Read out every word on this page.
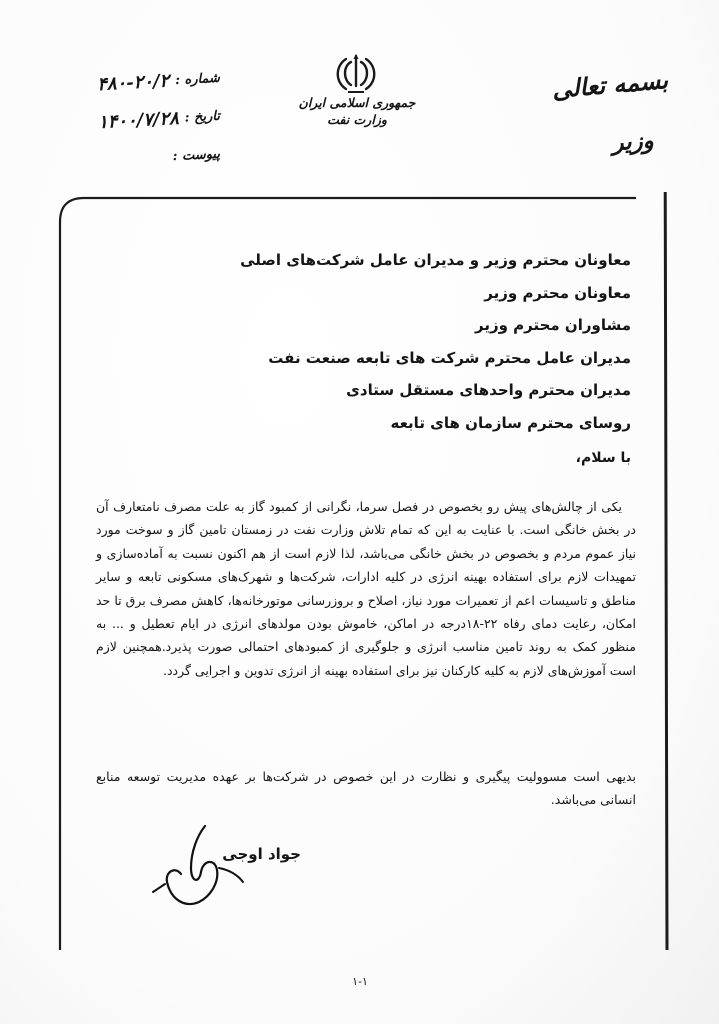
بسمه تعالی
وزیر
جمهوری اسلامی ایران
وزارت نفت
شماره :
۴۸۰-۲۰/۲
تاریخ :
۱۴۰۰/۷/۲۸
پیوست :
معاونان محترم وزیر و مدیران عامل شرکت‌های اصلی
معاونان محترم وزیر
مشاوران محترم وزیر
مدیران عامل محترم شرکت های تابعه صنعت نفت
مدیران محترم واحدهای مستقل ستادی
روسای محترم سازمان های تابعه
با سلام،
یکی از چالش‌های پیش رو بخصوص در فصل سرما، نگرانی از کمبود گاز به علت مصرف نامتعارف آن در بخش خانگی است. با عنایت به این که تمام تلاش وزارت نفت در زمستان تامین گاز و سوخت مورد نیاز عموم مردم و بخصوص در بخش خانگی می‌باشد، لذا لازم است از هم اکنون نسبت به آماده‌سازی و تمهیدات لازم برای استفاده بهینه انرژی در کلیه ادارات، شرکت‌ها و شهرک‌های مسکونی تابعه و سایر مناطق و تاسیسات اعم از تعمیرات مورد نیاز، اصلاح و بروزرسانی موتورخانه‌ها، کاهش مصرف برق تا حد امکان، رعایت دمای رفاه ۲۲-۱۸درجه در اماکن، خاموش بودن مولدهای انرژی در ایام تعطیل و ... به منظور کمک به روند تامین مناسب انرژی و جلوگیری از کمبودهای احتمالی صورت پذیرد.همچنین لازم است آموزش‌های لازم به کلیه کارکنان نیز برای استفاده بهینه از انرژی تدوین و اجرایی گردد.
بدیهی است مسوولیت پیگیری و نظارت در این خصوص در شرکت‌ها بر عهده مدیریت توسعه منابع انسانی می‌باشد.
جواد اوجی
۱-۱
